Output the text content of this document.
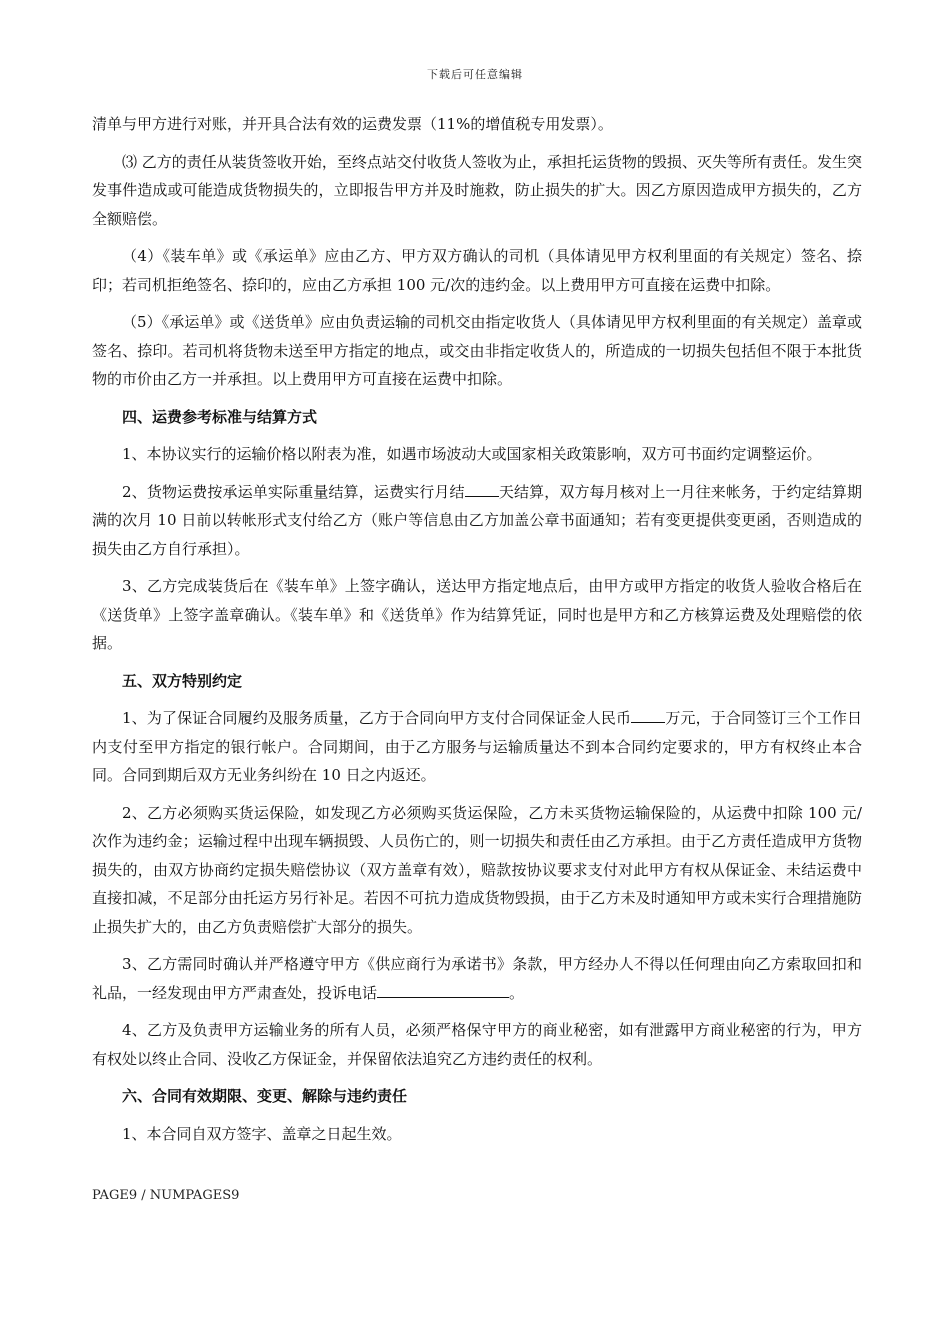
下载后可任意编辑

清单与甲方进行对账，并开具合法有效的运费发票（11%的增值税专用发票）。

⑶ 乙方的责任从装货签收开始，至终点站交付收货人签收为止，承担托运货物的毁损、灭失等所有责任。发生突发事件造成或可能造成货物损失的，立即报告甲方并及时施救，防止损失的扩大。因乙方原因造成甲方损失的，乙方全额赔偿。

（4）《装车单》或《承运单》应由乙方、甲方双方确认的司机（具体请见甲方权利里面的有关规定）签名、捺印；若司机拒绝签名、捺印的，应由乙方承担 100 元/次的违约金。以上费用甲方可直接在运费中扣除。

（5）《承运单》或《送货单》应由负责运输的司机交由指定收货人（具体请见甲方权利里面的有关规定）盖章或签名、捺印。若司机将货物未送至甲方指定的地点，或交由非指定收货人的，所造成的一切损失包括但不限于本批货物的市价由乙方一并承担。以上费用甲方可直接在运费中扣除。

四、运费参考标准与结算方式

1、本协议实行的运输价格以附表为准，如遇市场波动大或国家相关政策影响，双方可书面约定调整运价。

2、货物运费按承运单实际重量结算，运费实行月结 天结算，双方每月核对上一月往来帐务，于约定结算期满的次月 10 日前以转帐形式支付给乙方（账户等信息由乙方加盖公章书面通知；若有变更提供变更函，否则造成的损失由乙方自行承担）。

3、乙方完成装货后在《装车单》上签字确认，送达甲方指定地点后，由甲方或甲方指定的收货人验收合格后在《送货单》上签字盖章确认。《装车单》和《送货单》作为结算凭证，同时也是甲方和乙方核算运费及处理赔偿的依据。

五、双方特别约定

1、为了保证合同履约及服务质量，乙方于合同向甲方支付合同保证金人民币 万元，于合同签订三个工作日内支付至甲方指定的银行帐户。合同期间，由于乙方服务与运输质量达不到本合同约定要求的，甲方有权终止本合同。合同到期后双方无业务纠纷在 10 日之内返还。

2、乙方必须购买货运保险，如发现乙方必须购买货运保险，乙方未买货物运输保险的，从运费中扣除 100 元/次作为违约金；运输过程中出现车辆损毁、人员伤亡的，则一切损失和责任由乙方承担。由于乙方责任造成甲方货物损失的，由双方协商约定损失赔偿协议（双方盖章有效），赔款按协议要求支付对此甲方有权从保证金、未结运费中直接扣减，不足部分由托运方另行补足。若因不可抗力造成货物毁损，由于乙方未及时通知甲方或未实行合理措施防止损失扩大的，由乙方负责赔偿扩大部分的损失。

3、乙方需同时确认并严格遵守甲方《供应商行为承诺书》条款，甲方经办人不得以任何理由向乙方索取回扣和礼品，一经发现由甲方严肃查处，投诉电话	。

4、乙方及负责甲方运输业务的所有人员，必须严格保守甲方的商业秘密，如有泄露甲方商业秘密的行为，甲方有权处以终止合同、没收乙方保证金，并保留依法追究乙方违约责任的权利。

六、合同有效期限、变更、解除与违约责任

1、本合同自双方签字、盖章之日起生效。

PAGE9 / NUMPAGES9
